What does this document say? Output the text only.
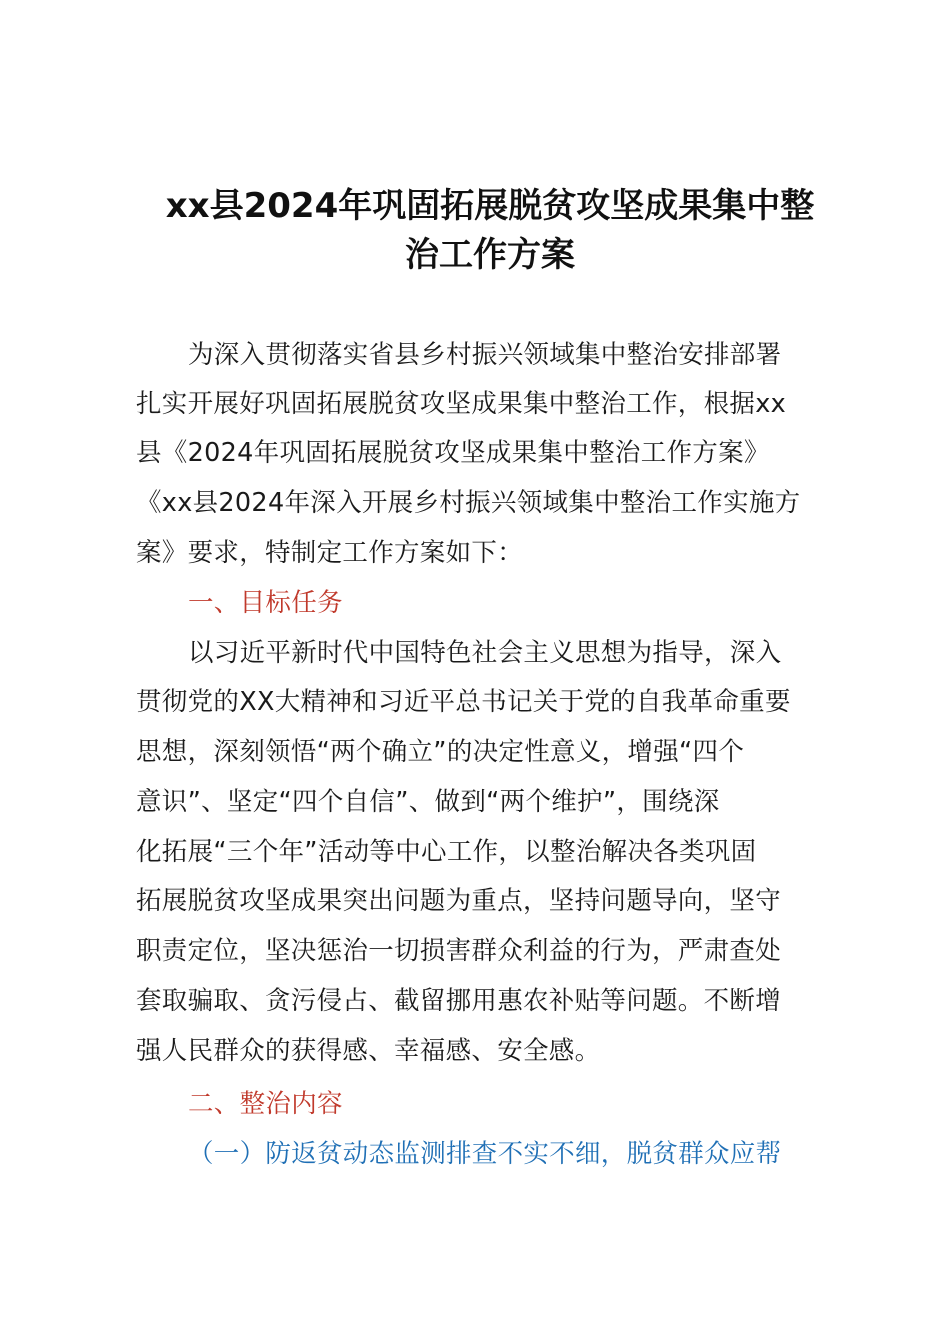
xx县2024年巩固拓展脱贫攻坚成果集中整
治工作方案
为深入贯彻落实省县乡村振兴领域集中整治安排部署
扎实开展好巩固拓展脱贫攻坚成果集中整治工作，根据xx
县《2024年巩固拓展脱贫攻坚成果集中整治工作方案》
《xx县2024年深入开展乡村振兴领域集中整治工作实施方
案》要求，特制定工作方案如下：
一、目标任务
以习近平新时代中国特色社会主义思想为指导，深入
贯彻党的XX大精神和习近平总书记关于党的自我革命重要
思想，深刻领悟“两个确立”的决定性意义，增强“四个
意识”、坚定“四个自信”、做到“两个维护”，围绕深
化拓展“三个年”活动等中心工作，以整治解决各类巩固
拓展脱贫攻坚成果突出问题为重点，坚持问题导向，坚守
职责定位，坚决惩治一切损害群众利益的行为，严肃查处
套取骗取、贪污侵占、截留挪用惠农补贴等问题。不断增
强人民群众的获得感、幸福感、安全感。
二、整治内容
（一）防返贫动态监测排查不实不细，脱贫群众应帮
